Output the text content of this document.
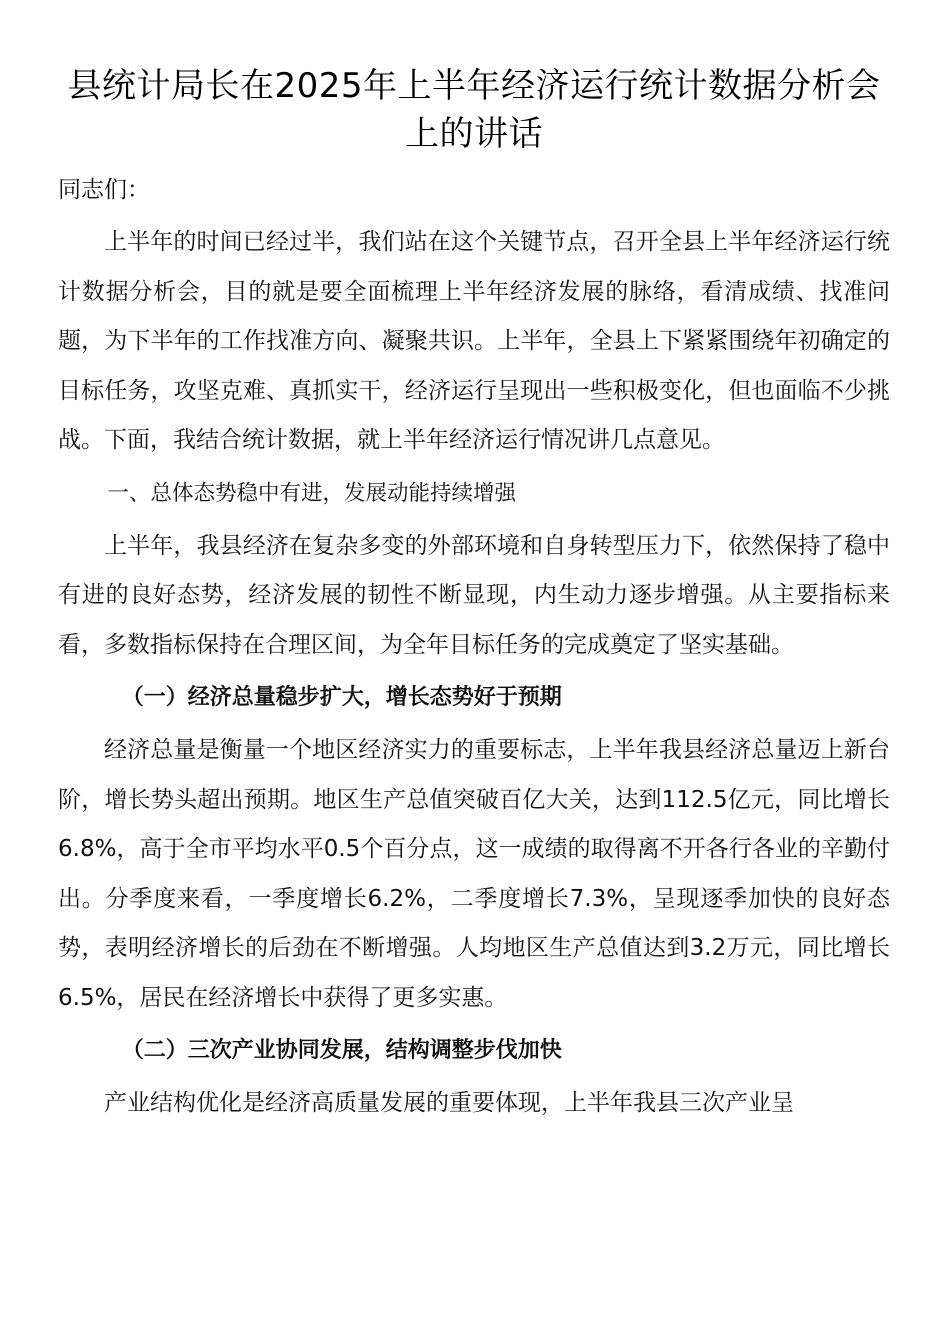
县统计局长在2025年上半年经济运行统计数据分析会上的讲话

同志们：

上半年的时间已经过半，我们站在这个关键节点，召开全县上半年经济运行统计数据分析会，目的就是要全面梳理上半年经济发展的脉络，看清成绩、找准问题，为下半年的工作找准方向、凝聚共识。上半年，全县上下紧紧围绕年初确定的目标任务，攻坚克难、真抓实干，经济运行呈现出一些积极变化，但也面临不少挑战。下面，我结合统计数据，就上半年经济运行情况讲几点意见。

一、总体态势稳中有进，发展动能持续增强

上半年，我县经济在复杂多变的外部环境和自身转型压力下，依然保持了稳中有进的良好态势，经济发展的韧性不断显现，内生动力逐步增强。从主要指标来看，多数指标保持在合理区间，为全年目标任务的完成奠定了坚实基础。

（一）经济总量稳步扩大，增长态势好于预期

经济总量是衡量一个地区经济实力的重要标志，上半年我县经济总量迈上新台阶，增长势头超出预期。地区生产总值突破百亿大关，达到112.5亿元，同比增长6.8%，高于全市平均水平0.5个百分点，这一成绩的取得离不开各行各业的辛勤付出。分季度来看，一季度增长6.2%，二季度增长7.3%，呈现逐季加快的良好态势，表明经济增长的后劲在不断增强。人均地区生产总值达到3.2万元，同比增长6.5%，居民在经济增长中获得了更多实惠。

（二）三次产业协同发展，结构调整步伐加快

产业结构优化是经济高质量发展的重要体现，上半年我县三次产业呈
